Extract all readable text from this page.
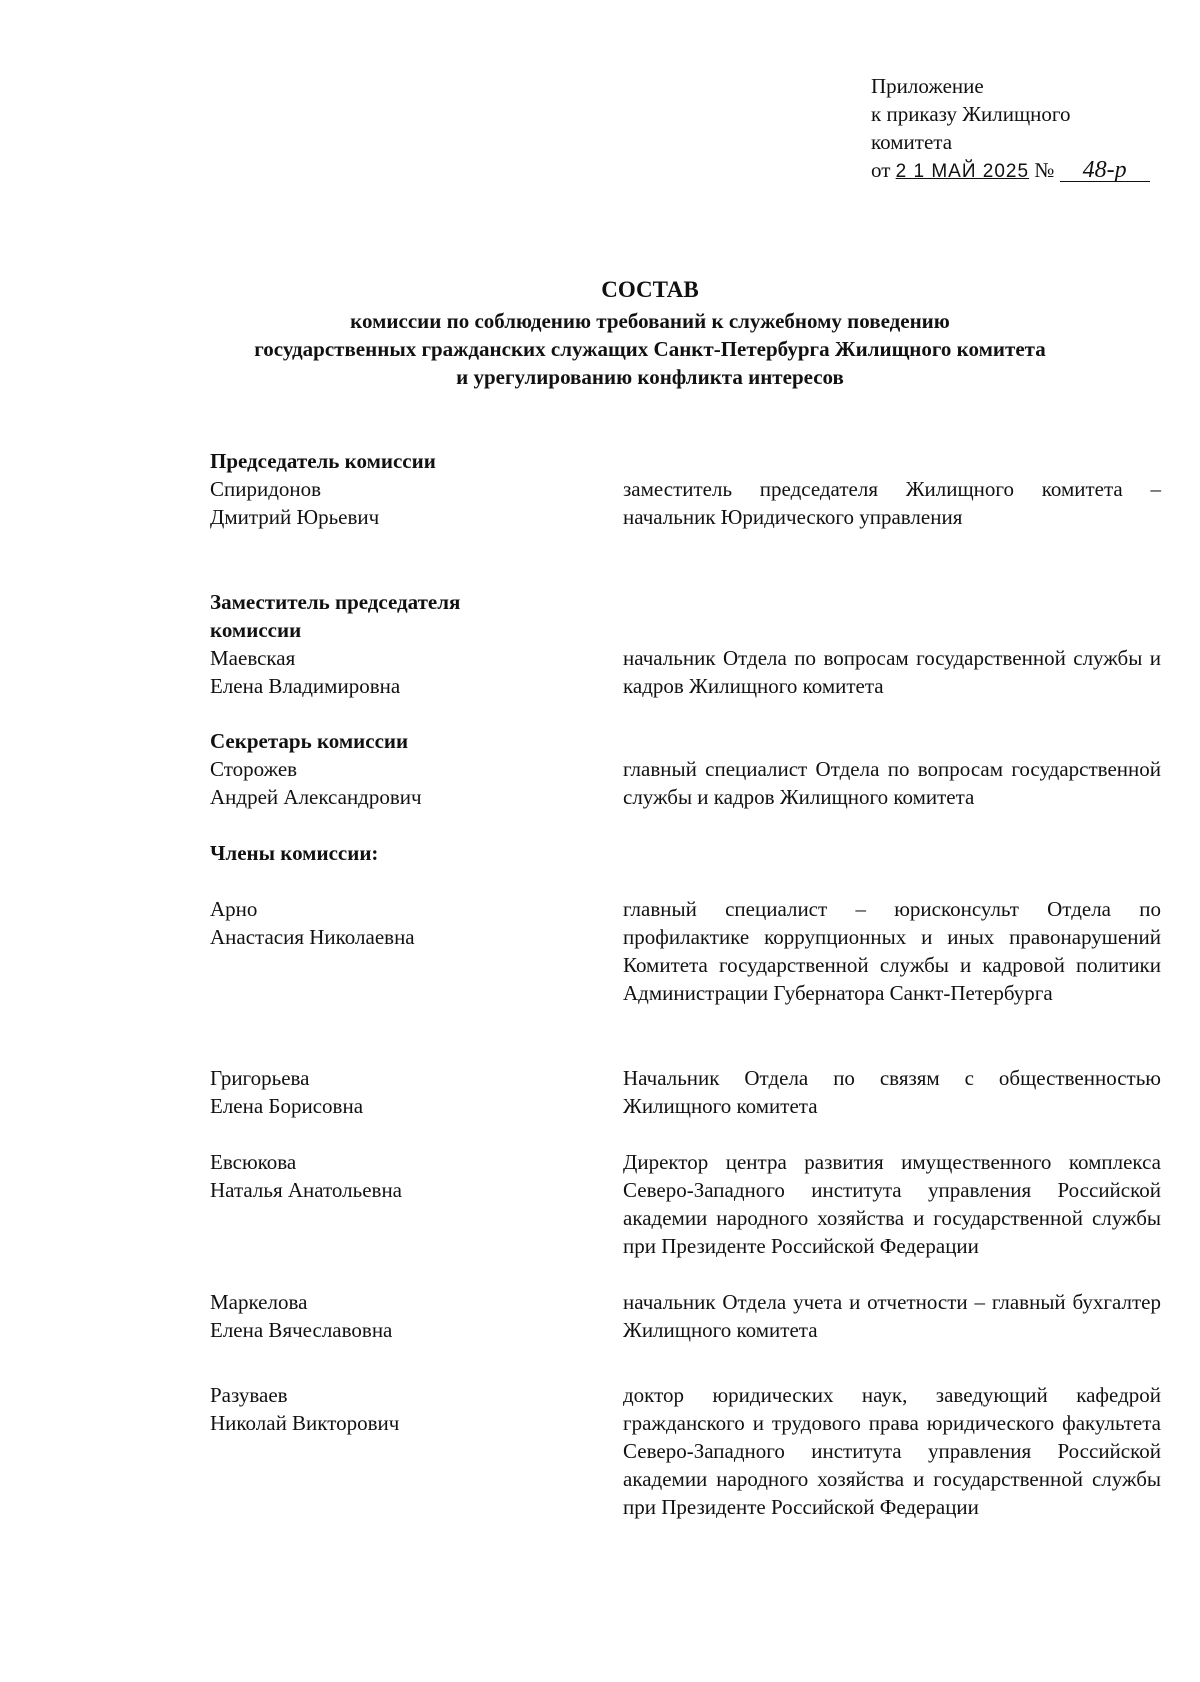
Приложение
к приказу Жилищного
комитета
от 2 1 МАЙ 2025 № 48-р
СОСТАВ
комиссии по соблюдению требований к служебному поведению
государственных гражданских служащих Санкт-Петербурга Жилищного комитета
и урегулированию конфликта интересов
Председатель комиссии
Спиридонов
Дмитрий Юрьевич
заместитель председателя Жилищного комитета – начальник Юридического управления
Заместитель председателя
комиссии
Маевская
Елена Владимировна
начальник Отдела по вопросам государственной службы и кадров Жилищного комитета
Секретарь комиссии
Сторожев
Андрей Александрович
главный специалист Отдела по вопросам государственной службы и кадров Жилищного комитета
Члены комиссии:
Арно
Анастасия Николаевна
главный специалист – юрисконсульт Отдела по профилактике коррупционных и иных правонарушений Комитета государственной службы и кадровой политики Администрации Губернатора Санкт-Петербурга
Григорьева
Елена Борисовна
Начальник Отдела по связям с общественностью Жилищного комитета
Евсюкова
Наталья Анатольевна
Директор центра развития имущественного комплекса Северо-Западного института управления Российской академии народного хозяйства и государственной службы при Президенте Российской Федерации
Маркелова
Елена Вячеславовна
начальник Отдела учета и отчетности – главный бухгалтер Жилищного комитета
Разуваев
Николай Викторович
доктор юридических наук, заведующий кафедрой гражданского и трудового права юридического факультета Северо-Западного института управления Российской академии народного хозяйства и государственной службы при Президенте Российской Федерации
